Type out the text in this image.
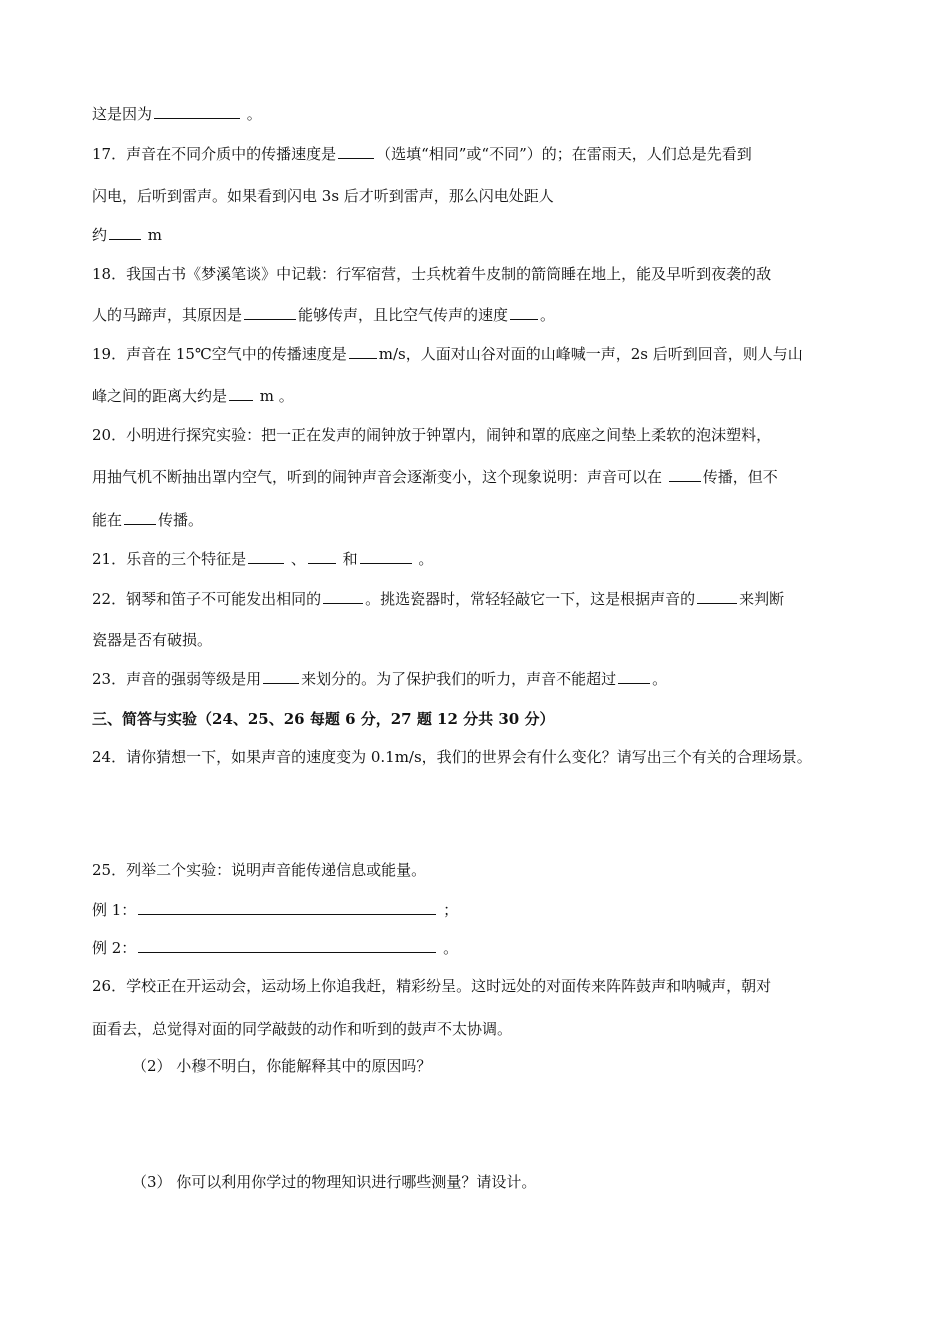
这是因为	。
17．声音在不同介质中的传播速度是	（选填“相同”或“不同”）的；在雷雨天，人们总是先看到
闪电，后听到雷声。如果看到闪电 3s 后才听到雷声，那么闪电处距人
约 m
18．我国古书《梦溪笔谈》中记载：行军宿营，士兵枕着牛皮制的箭筒睡在地上，能及早听到夜袭的敌
人的马蹄声，其原因是	能够传声，且比空气传声的速度 。
19．声音在 15℃空气中的传播速度是 m/s，人面对山谷对面的山峰喊一声，2s 后听到回音，则人与山
峰之间的距离大约是 m 。
20．小明进行探究实验：把一正在发声的闹钟放于钟罩内，闹钟和罩的底座之间垫上柔软的泡沫塑料，
用抽气机不断抽出罩内空气，听到的闹钟声音会逐渐变小，这个现象说明：声音可以在 传播，但不
能在 传播。
21．乐音的三个特征是	、 和	。
22．钢琴和笛子不可能发出相同的	。挑选瓷器时，常轻轻敲它一下，这是根据声音的	来判断
瓷器是否有破损。
23．声音的强弱等级是用	来划分的。为了保护我们的听力，声音不能超过 。
三、简答与实验（24、25、26 每题 6 分，27 题 12 分共 30 分）
24．请你猜想一下，如果声音的速度变为 0.1m/s，我们的世界会有什么变化？请写出三个有关的合理场景。
25．列举二个实验：说明声音能传递信息或能量。
例 1：	；
例 2：	。
26．学校正在开运动会，运动场上你追我赶，精彩纷呈。这时远处的对面传来阵阵鼓声和呐喊声，朝对
面看去，总觉得对面的同学敲鼓的动作和听到的鼓声不太协调。
（2） 小穆不明白，你能解释其中的原因吗？
（3） 你可以利用你学过的物理知识进行哪些测量？请设计。
